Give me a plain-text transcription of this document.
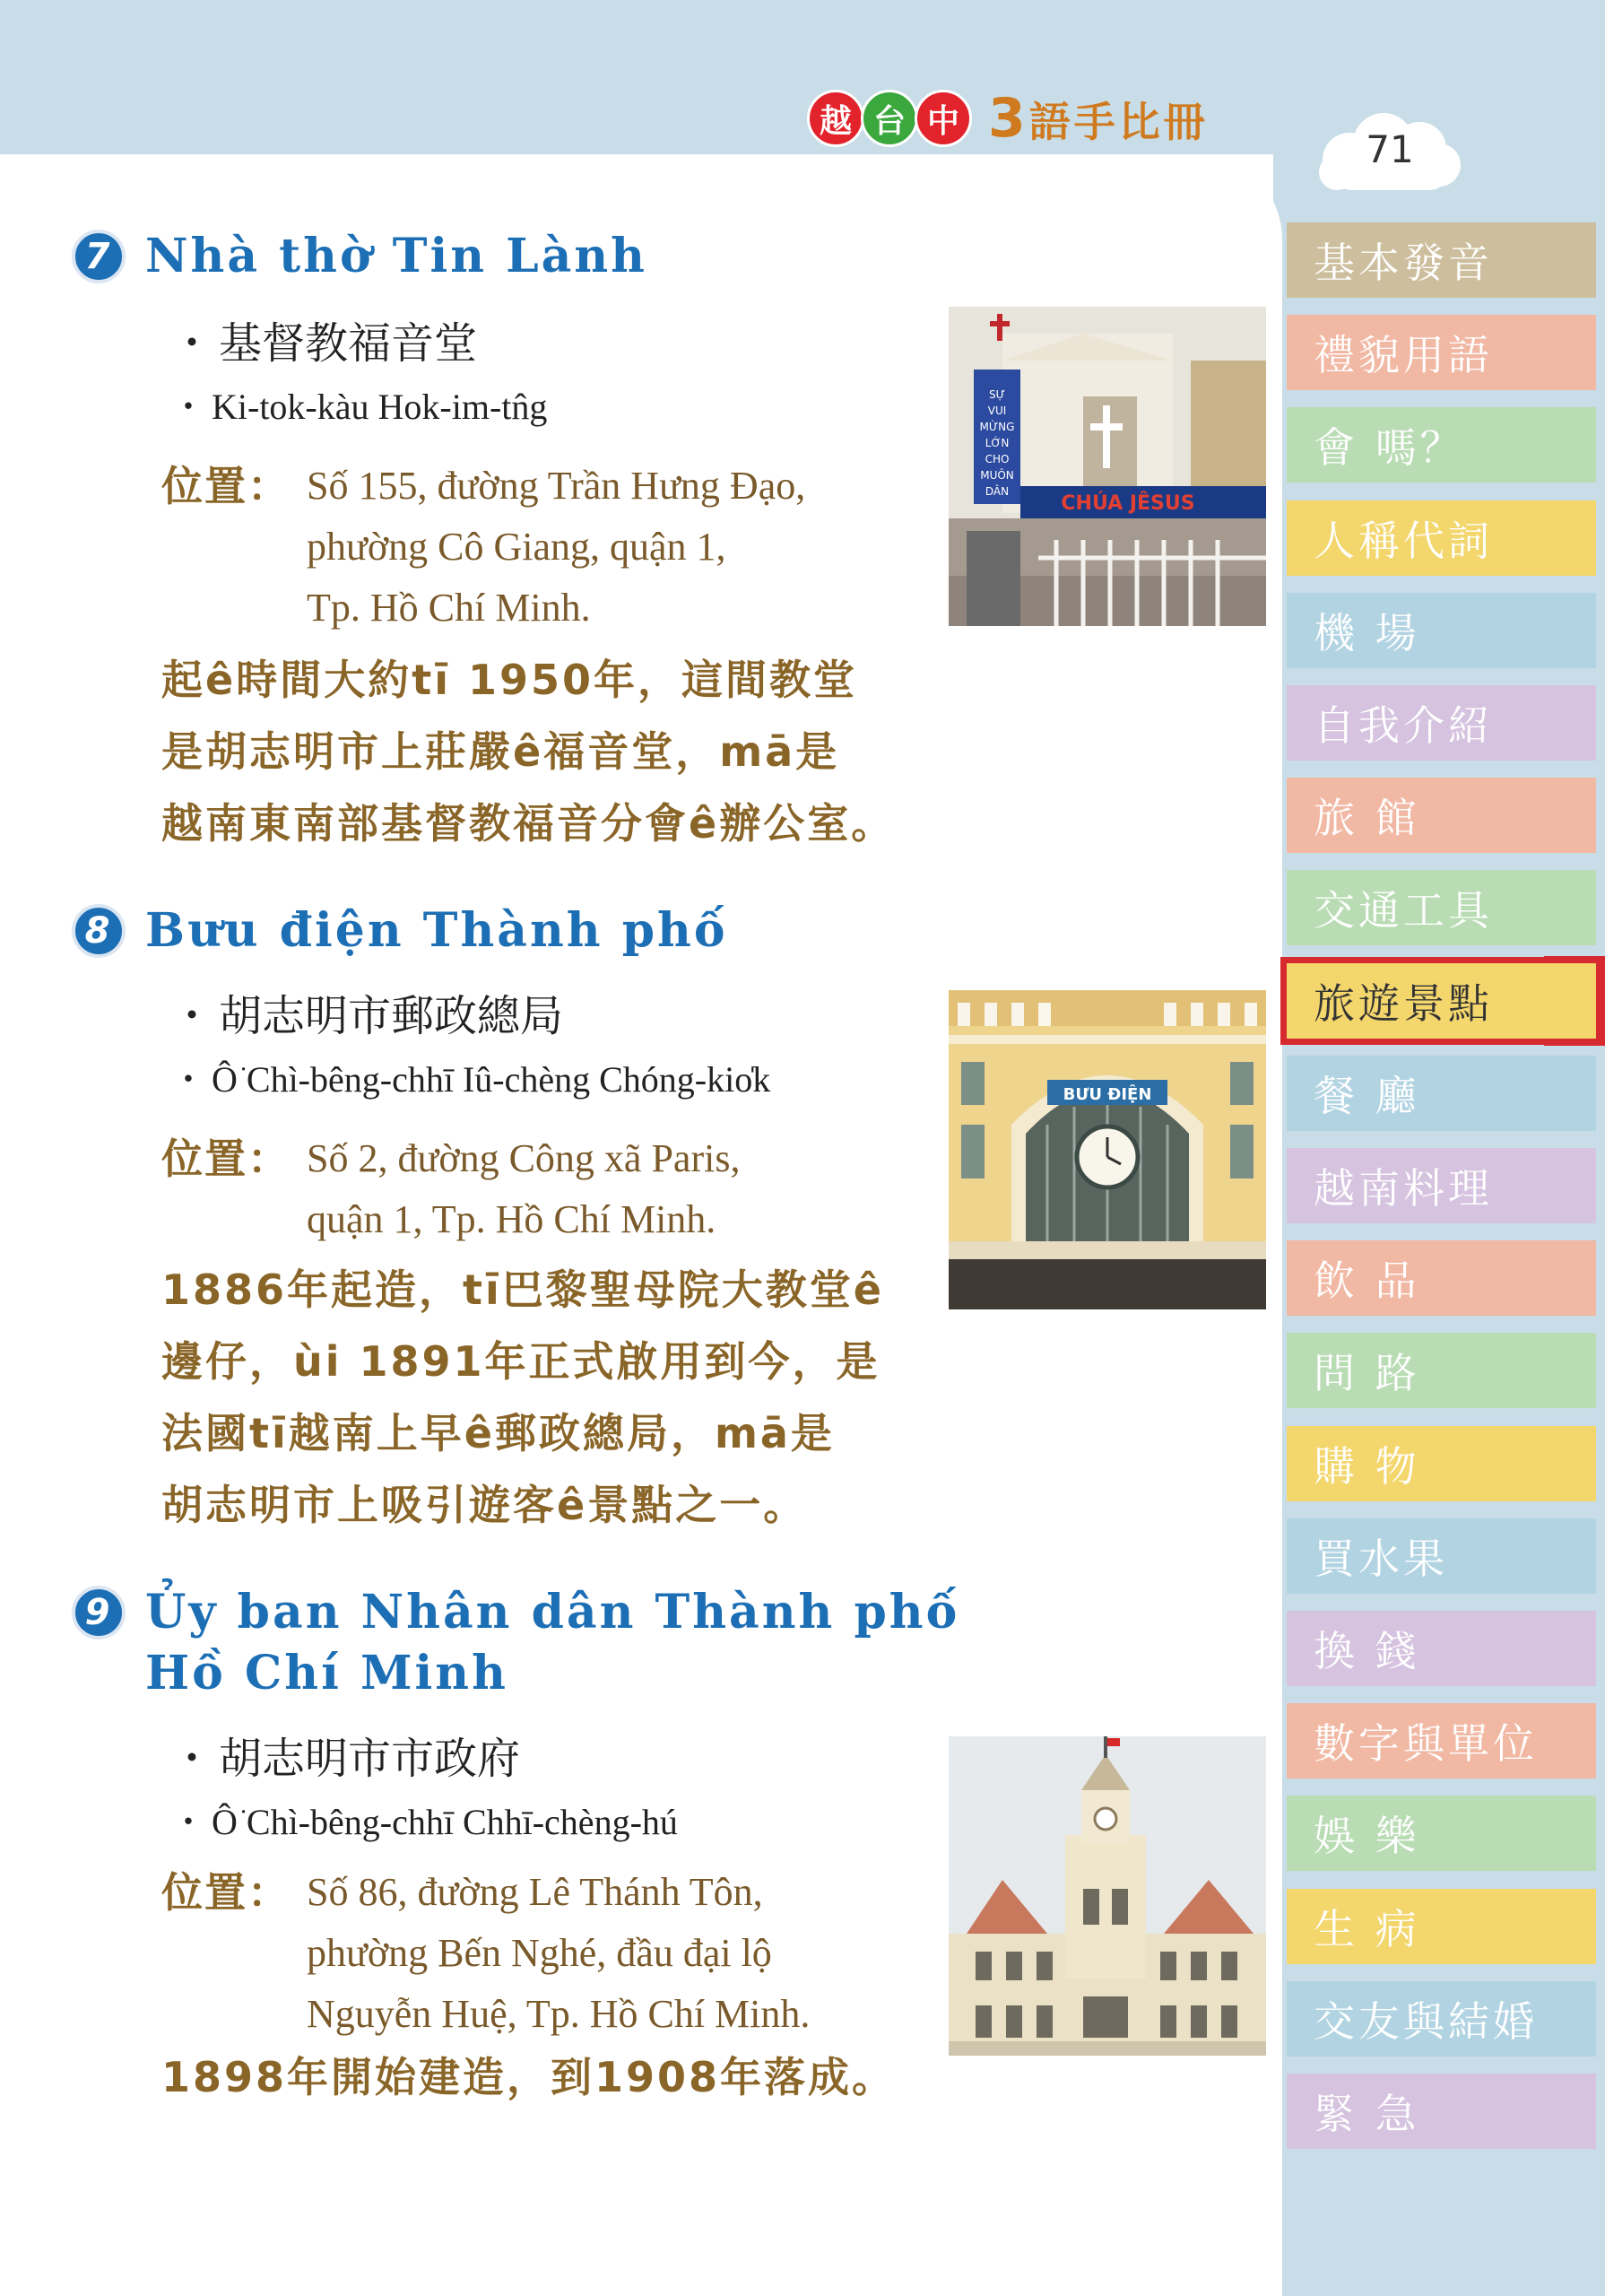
越 台 中 3語手比冊
71
基本發音
禮貌用語
會 嗎？
人稱代詞
機 場
自我介紹
旅 館
交通工具
旅遊景點
餐 廳
越南料理
飲 品
問 路
購 物
買水果
換 錢
數字與單位
娛 樂
生 病
交友與結婚
緊 急
7 Nhà thờ Tin Lành
・ 基督教福音堂
・ Ki-tok-kàu Hok-im-tn̂g
位置： Số 155, đường Trần Hưng Đạo,
phường Cô Giang, quận 1,
Tp. Hồ Chí Minh.
起ê時間大約tī 1950年，這間教堂
是胡志明市上莊嚴ê福音堂，mā是
越南東南部基督教福音分會ê辦公室。
SỰ
VUI
MỪNG
LỚN
CHO
MUÔN
DÂN
CHÚA JÊSUS
8 Bưu điện Thành phố
・ 胡志明市郵政總局
・ Ô͘ Chì-bêng-chhī Iû-chèng Chóng-kio̍k
位置： Số 2, đường Công xã Paris,
quận 1, Tp. Hồ Chí Minh.
1886年起造，tī巴黎聖母院大教堂ê
邊仔，ùi 1891年正式啟用到今，是
法國tī越南上早ê郵政總局，mā是
胡志明市上吸引遊客ê景點之一。
BƯU ĐIỆN
9 Ủy ban Nhân dân Thành phố
Hồ Chí Minh
・ 胡志明市市政府
・ Ô͘ Chì-bêng-chhī Chhī-chèng-hú
位置： Số 86, đường Lê Thánh Tôn,
phường Bến Nghé, đầu đại lộ
Nguyễn Huệ, Tp. Hồ Chí Minh.
1898年開始建造，到1908年落成。
